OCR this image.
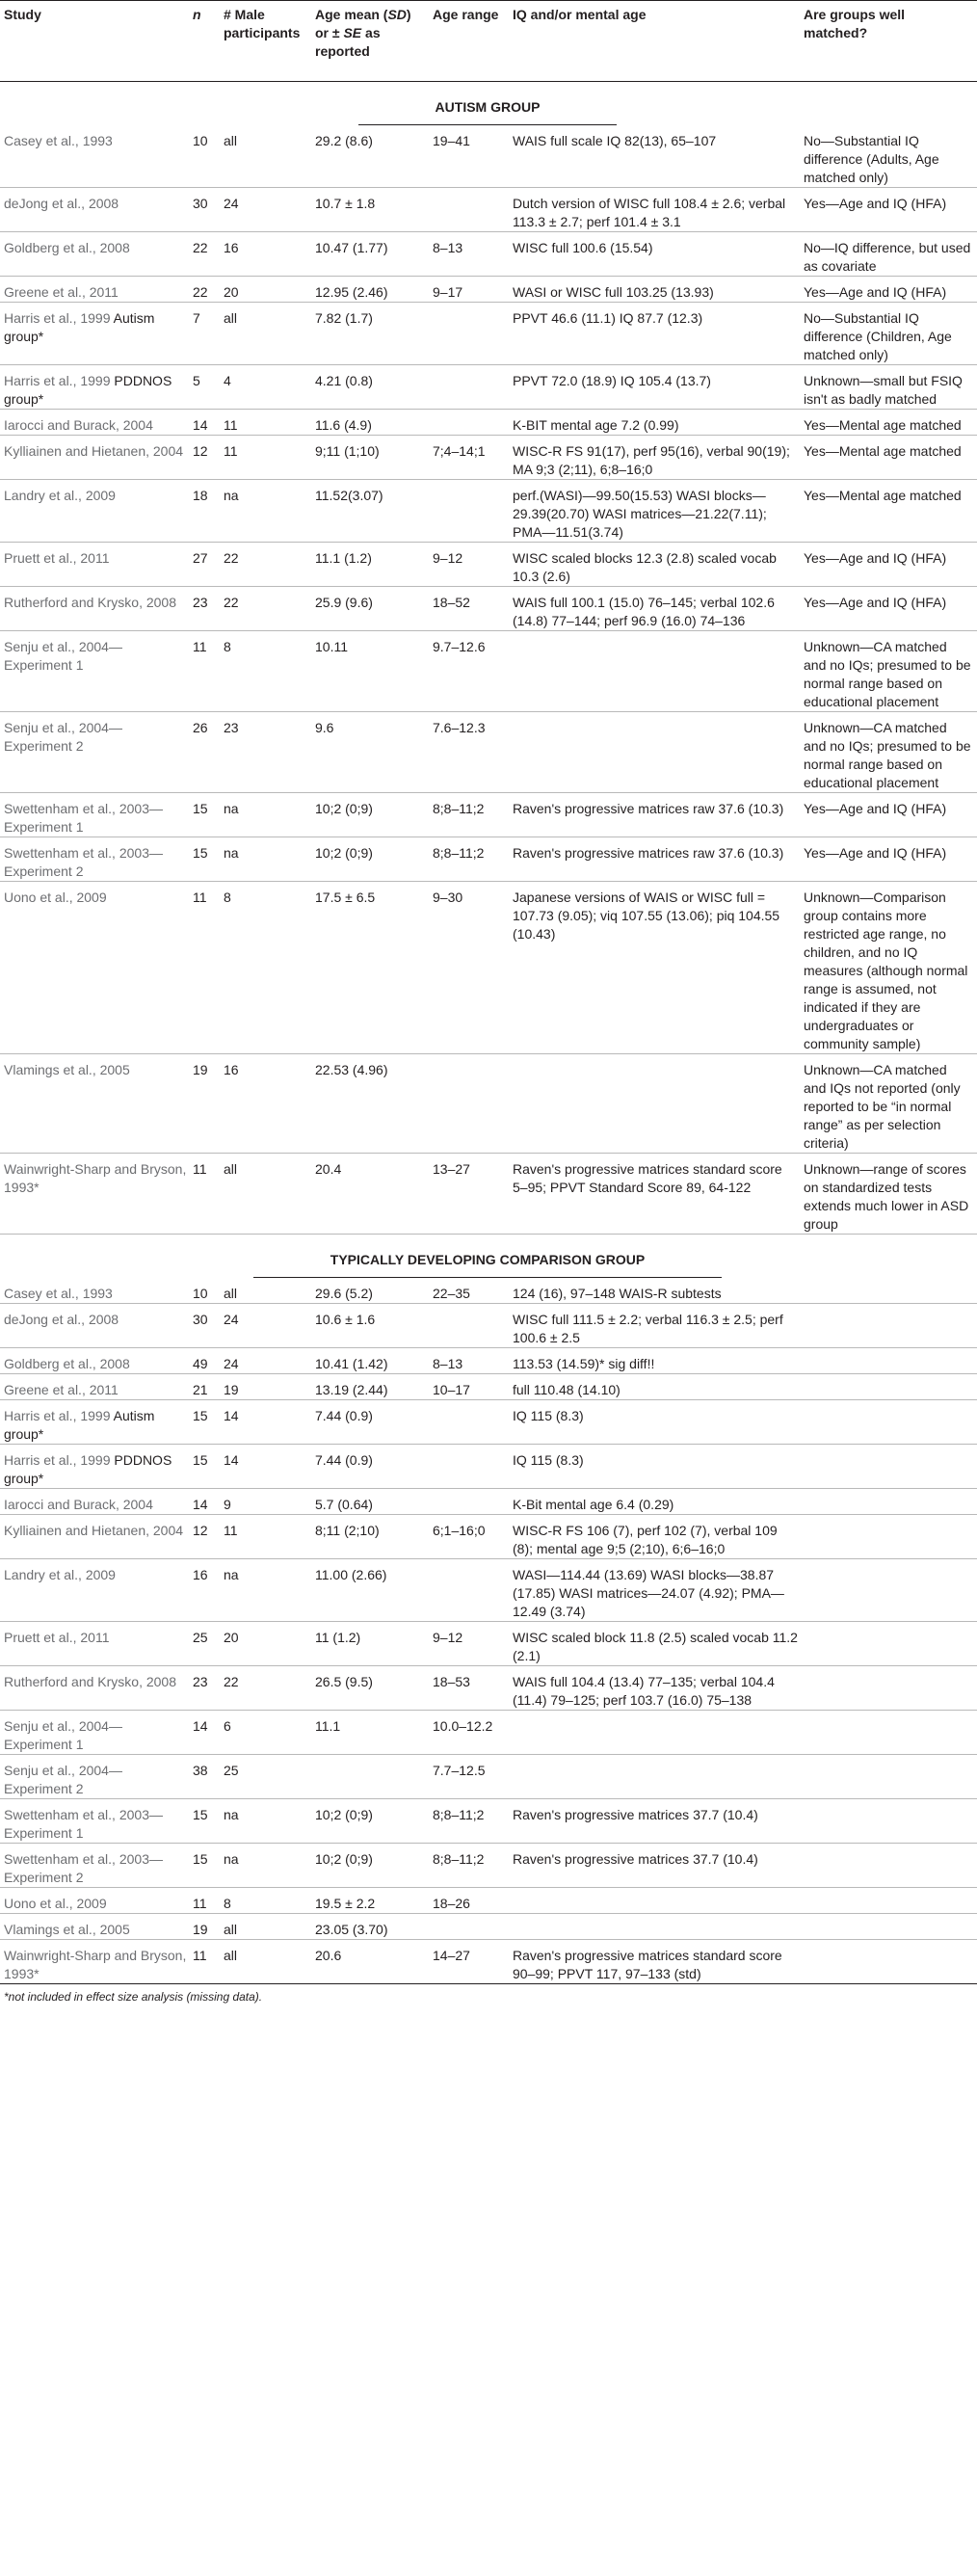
Study	n	# Male participants	Age mean (SD) or ± SE as reported	Age range	IQ and/or mental age	Are groups well matched?
AUTISM GROUP						
Casey et al., 1993	10	all	29.2 (8.6)	19–41	WAIS full scale IQ 82(13), 65–107	No—Substantial IQ difference (Adults, Age matched only)
deJong et al., 2008	30	24	10.7 ± 1.8		Dutch version of WISC full 108.4 ± 2.6; verbal 113.3 ± 2.7; perf 101.4 ± 3.1	Yes—Age and IQ (HFA)
Goldberg et al., 2008	22	16	10.47 (1.77)	8–13	WISC full 100.6 (15.54)	No—IQ difference, but used as covariate
Greene et al., 2011	22	20	12.95 (2.46)	9–17	WASI or WISC full 103.25 (13.93)	Yes—Age and IQ (HFA)
Harris et al., 1999 Autism group*	7	all	7.82 (1.7)		PPVT 46.6 (11.1) IQ 87.7 (12.3)	No—Substantial IQ difference (Children, Age matched only)
Harris et al., 1999 PDDNOS group*	5	4	4.21 (0.8)		PPVT 72.0 (18.9) IQ 105.4 (13.7)	Unknown—small but FSIQ isn't as badly matched
Iarocci and Burack, 2004	14	11	11.6 (4.9)		K-BIT mental age 7.2 (0.99)	Yes—Mental age matched
Kylliainen and Hietanen, 2004	12	11	9;11 (1;10)	7;4–14;1	WISC-R FS 91(17), perf 95(16), verbal 90(19); MA 9;3 (2;11), 6;8–16;0	Yes—Mental age matched
Landry et al., 2009	18	na	11.52(3.07)		perf.(WASI)—99.50(15.53) WASI blocks—29.39(20.70) WASI matrices—21.22(7.11); PMA—11.51(3.74)	Yes—Mental age matched
Pruett et al., 2011	27	22	11.1 (1.2)	9–12	WISC scaled blocks 12.3 (2.8) scaled vocab 10.3 (2.6)	Yes—Age and IQ (HFA)
Rutherford and Krysko, 2008	23	22	25.9 (9.6)	18–52	WAIS full 100.1 (15.0) 76–145; verbal 102.6 (14.8) 77–144; perf 96.9 (16.0) 74–136	Yes—Age and IQ (HFA)
Senju et al., 2004—Experiment 1	11	8	10.11	9.7–12.6		Unknown—CA matched and no IQs; presumed to be normal range based on educational placement
Senju et al., 2004—Experiment 2	26	23	9.6	7.6–12.3		Unknown—CA matched and no IQs; presumed to be normal range based on educational placement
Swettenham et al., 2003—Experiment 1	15	na	10;2 (0;9)	8;8–11;2	Raven's progressive matrices raw 37.6 (10.3)	Yes—Age and IQ (HFA)
Swettenham et al., 2003—Experiment 2	15	na	10;2 (0;9)	8;8–11;2	Raven's progressive matrices raw 37.6 (10.3)	Yes—Age and IQ (HFA)
Uono et al., 2009	11	8	17.5 ± 6.5	9–30	Japanese versions of WAIS or WISC full = 107.73 (9.05); viq 107.55 (13.06); piq 104.55 (10.43)	Unknown—Comparison group contains more restricted age range, no children, and no IQ measures (although normal range is assumed, not indicated if they are undergraduates or community sample)
Vlamings et al., 2005	19	16	22.53 (4.96)			Unknown—CA matched and IQs not reported (only reported to be “in normal range” as per selection criteria)
Wainwright-Sharp and Bryson, 1993*	11	all	20.4	13–27	Raven's progressive matrices standard score 5–95; PPVT Standard Score 89, 64-122	Unknown—range of scores on standardized tests extends much lower in ASD group
TYPICALLY DEVELOPING COMPARISON GROUP						
Casey et al., 1993	10	all	29.6 (5.2)	22–35	124 (16), 97–148 WAIS-R subtests	
deJong et al., 2008	30	24	10.6 ± 1.6		WISC full 111.5 ± 2.2; verbal 116.3 ± 2.5; perf 100.6 ± 2.5	
Goldberg et al., 2008	49	24	10.41 (1.42)	8–13	113.53 (14.59)* sig diff!!	
Greene et al., 2011	21	19	13.19 (2.44)	10–17	full 110.48 (14.10)	
Harris et al., 1999 Autism group*	15	14	7.44 (0.9)		IQ 115 (8.3)	
Harris et al., 1999 PDDNOS group*	15	14	7.44 (0.9)		IQ 115 (8.3)	
Iarocci and Burack, 2004	14	9	5.7 (0.64)		K-Bit mental age 6.4 (0.29)	
Kylliainen and Hietanen, 2004	12	11	8;11 (2;10)	6;1–16;0	WISC-R FS 106 (7), perf 102 (7), verbal 109 (8); mental age 9;5 (2;10), 6;6–16;0	
Landry et al., 2009	16	na	11.00 (2.66)		WASI—114.44 (13.69) WASI blocks—38.87 (17.85) WASI matrices—24.07 (4.92); PMA—12.49 (3.74)	
Pruett et al., 2011	25	20	11 (1.2)	9–12	WISC scaled block 11.8 (2.5) scaled vocab 11.2 (2.1)	
Rutherford and Krysko, 2008	23	22	26.5 (9.5)	18–53	WAIS full 104.4 (13.4) 77–135; verbal 104.4 (11.4) 79–125; perf 103.7 (16.0) 75–138	
Senju et al., 2004—Experiment 1	14	6	11.1	10.0–12.2		
Senju et al., 2004—Experiment 2	38	25		7.7–12.5		
Swettenham et al., 2003—Experiment 1	15	na	10;2 (0;9)	8;8–11;2	Raven's progressive matrices 37.7 (10.4)	
Swettenham et al., 2003—Experiment 2	15	na	10;2 (0;9)	8;8–11;2	Raven's progressive matrices 37.7 (10.4)	
Uono et al., 2009	11	8	19.5 ± 2.2	18–26		
Vlamings et al., 2005	19	all	23.05 (3.70)			
Wainwright-Sharp and Bryson, 1993*	11	all	20.6	14–27	Raven's progressive matrices standard score 90–99; PPVT 117, 97–133 (std)	
*not included in effect size analysis (missing data).
